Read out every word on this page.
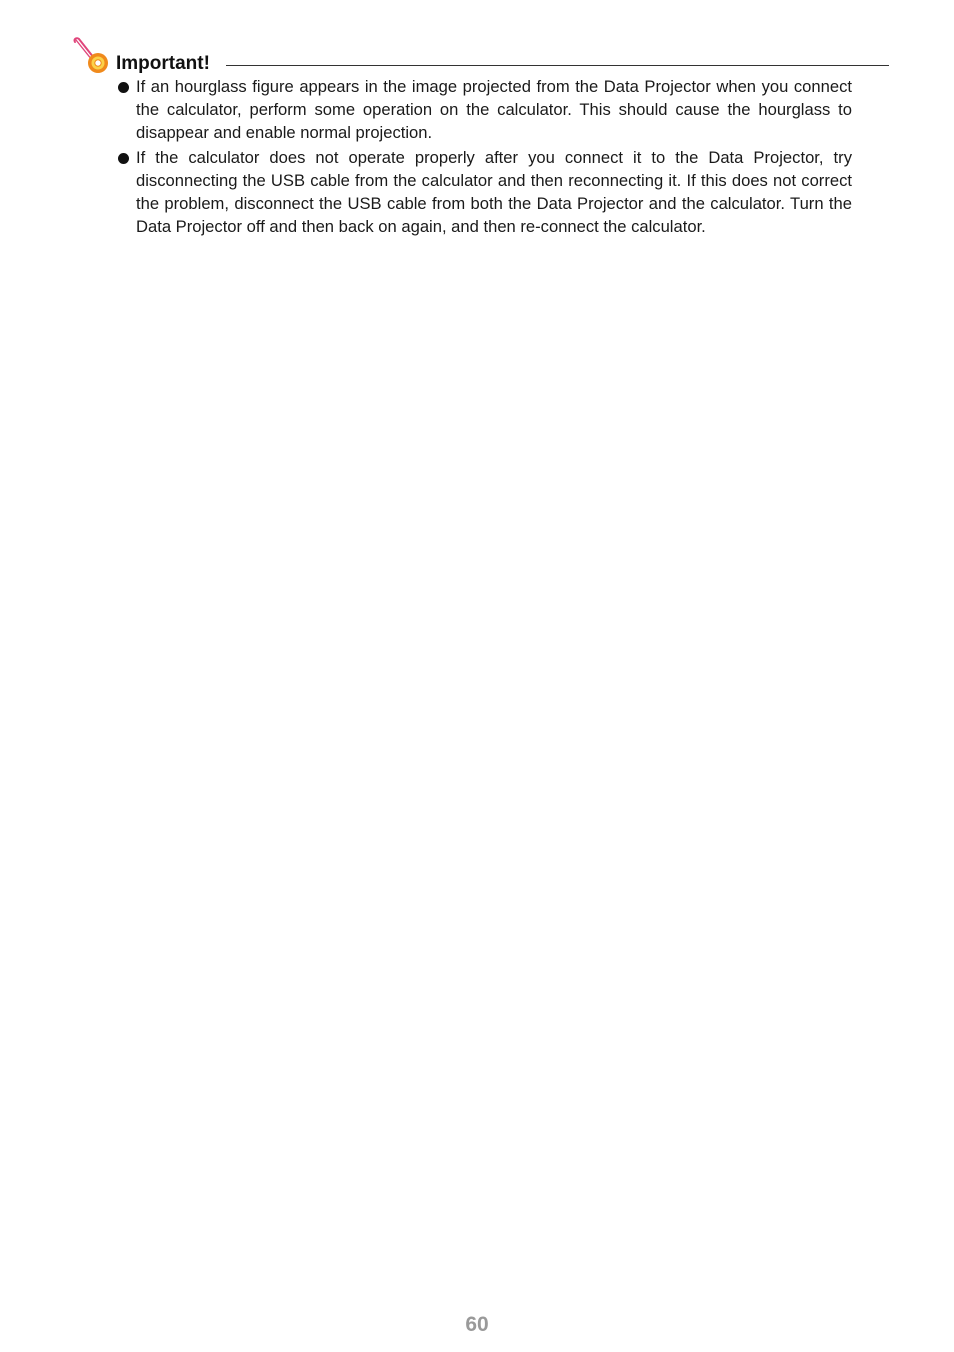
Important!
If an hourglass figure appears in the image projected from the Data Projector when you connect the calculator, perform some operation on the calculator. This should cause the hourglass to disappear and enable normal projection.
If the calculator does not operate properly after you connect it to the Data Projector, try disconnecting the USB cable from the calculator and then reconnecting it. If this does not correct the problem, disconnect the USB cable from both the Data Projector and the calculator. Turn the Data Projector off and then back on again, and then re-connect the calculator.
60
